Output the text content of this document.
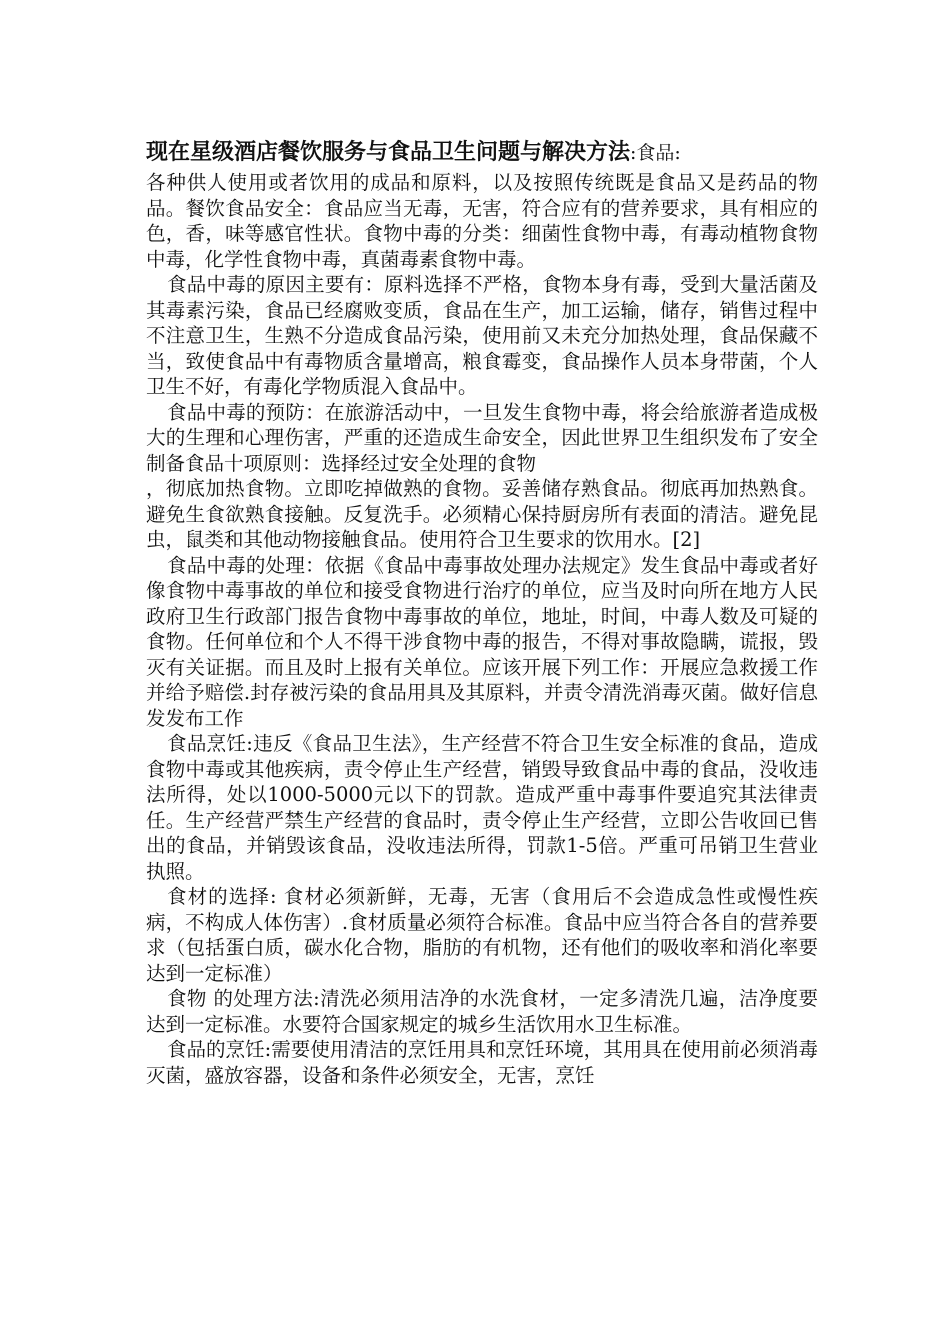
现在星级酒店餐饮服务与食品卫生问题与解决方法:食品:

各种供人使用或者饮用的成品和原料，以及按照传统既是食品又是药品的物品。餐饮食品安全：食品应当无毒，无害，符合应有的营养要求，具有相应的色，香，味等感官性状。食物中毒的分类：细菌性食物中毒，有毒动植物食物中毒，化学性食物中毒，真菌毒素食物中毒。

食品中毒的原因主要有：原料选择不严格，食物本身有毒，受到大量活菌及其毒素污染，食品已经腐败变质，食品在生产，加工运输，储存，销售过程中不注意卫生，生熟不分造成食品污染，使用前又未充分加热处理，食品保藏不当，致使食品中有毒物质含量增高，粮食霉变，食品操作人员本身带菌，个人卫生不好，有毒化学物质混入食品中。

食品中毒的预防：在旅游活动中，一旦发生食物中毒，将会给旅游者造成极大的生理和心理伤害，严重的还造成生命安全，因此世界卫生组织发布了安全制备食品十项原则：选择经过安全处理的食物

，彻底加热食物。立即吃掉做熟的食物。妥善储存熟食品。彻底再加热熟食。避免生食欲熟食接触。反复洗手。必须精心保持厨房所有表面的清洁。避免昆虫，鼠类和其他动物接触食品。使用符合卫生要求的饮用水。[2]

食品中毒的处理：依据《食品中毒事故处理办法规定》发生食品中毒或者好像食物中毒事故的单位和接受食物进行治疗的单位，应当及时向所在地方人民政府卫生行政部门报告食物中毒事故的单位，地址，时间，中毒人数及可疑的食物。任何单位和个人不得干涉食物中毒的报告，不得对事故隐瞒，谎报，毁灭有关证据。而且及时上报有关单位。应该开展下列工作：开展应急救援工作并给予赔偿.封存被污染的食品用具及其原料，并责令清洗消毒灭菌。做好信息发发布工作

食品烹饪:违反《食品卫生法》，生产经营不符合卫生安全标准的食品，造成食物中毒或其他疾病，责令停止生产经营，销毁导致食品中毒的食品，没收违法所得，处以1000-5000元以下的罚款。造成严重中毒事件要追究其法律责任。生产经营严禁生产经营的食品时，责令停止生产经营，立即公告收回已售出的食品，并销毁该食品，没收违法所得，罚款1-5倍。严重可吊销卫生营业执照。

食材的选择: 食材必须新鲜，无毒，无害（食用后不会造成急性或慢性疾病，不构成人体伤害）.食材质量必须符合标准。食品中应当符合各自的营养要求（包括蛋白质，碳水化合物，脂肪的有机物，还有他们的吸收率和消化率要达到一定标准）

食物 的处理方法:清洗必须用洁净的水洗食材，一定多清洗几遍，洁净度要达到一定标准。水要符合国家规定的城乡生活饮用水卫生标准。

食品的烹饪:需要使用清洁的烹饪用具和烹饪环境，其用具在使用前必须消毒灭菌，盛放容器，设备和条件必须安全，无害，烹饪
